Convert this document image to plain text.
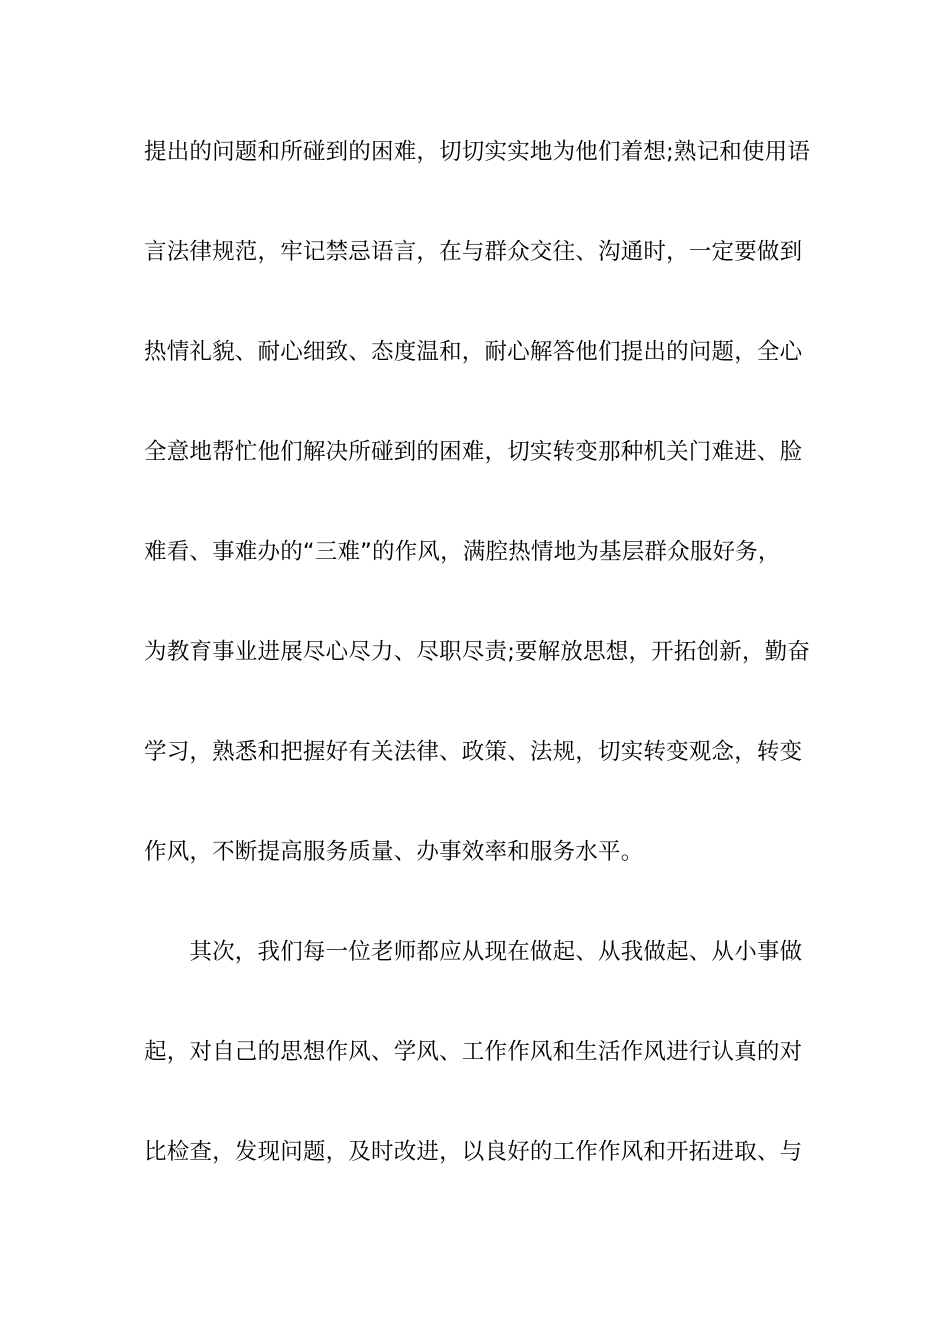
提出的问题和所碰到的困难，切切实实地为他们着想;熟记和使用语
言法律规范，牢记禁忌语言，在与群众交往、沟通时，一定要做到
热情礼貌、耐心细致、态度温和，耐心解答他们提出的问题，全心
全意地帮忙他们解决所碰到的困难，切实转变那种机关门难进、脸
难看、事难办的“三难”的作风，满腔热情地为基层群众服好务，
为教育事业进展尽心尽力、尽职尽责;要解放思想，开拓创新，勤奋
学习，熟悉和把握好有关法律、政策、法规，切实转变观念，转变
作风，不断提高服务质量、办事效率和服务水平。
　　其次，我们每一位老师都应从现在做起、从我做起、从小事做
起，对自己的思想作风、学风、工作作风和生活作风进行认真的对
比检查，发现问题，及时改进，以良好的工作作风和开拓进取、与
